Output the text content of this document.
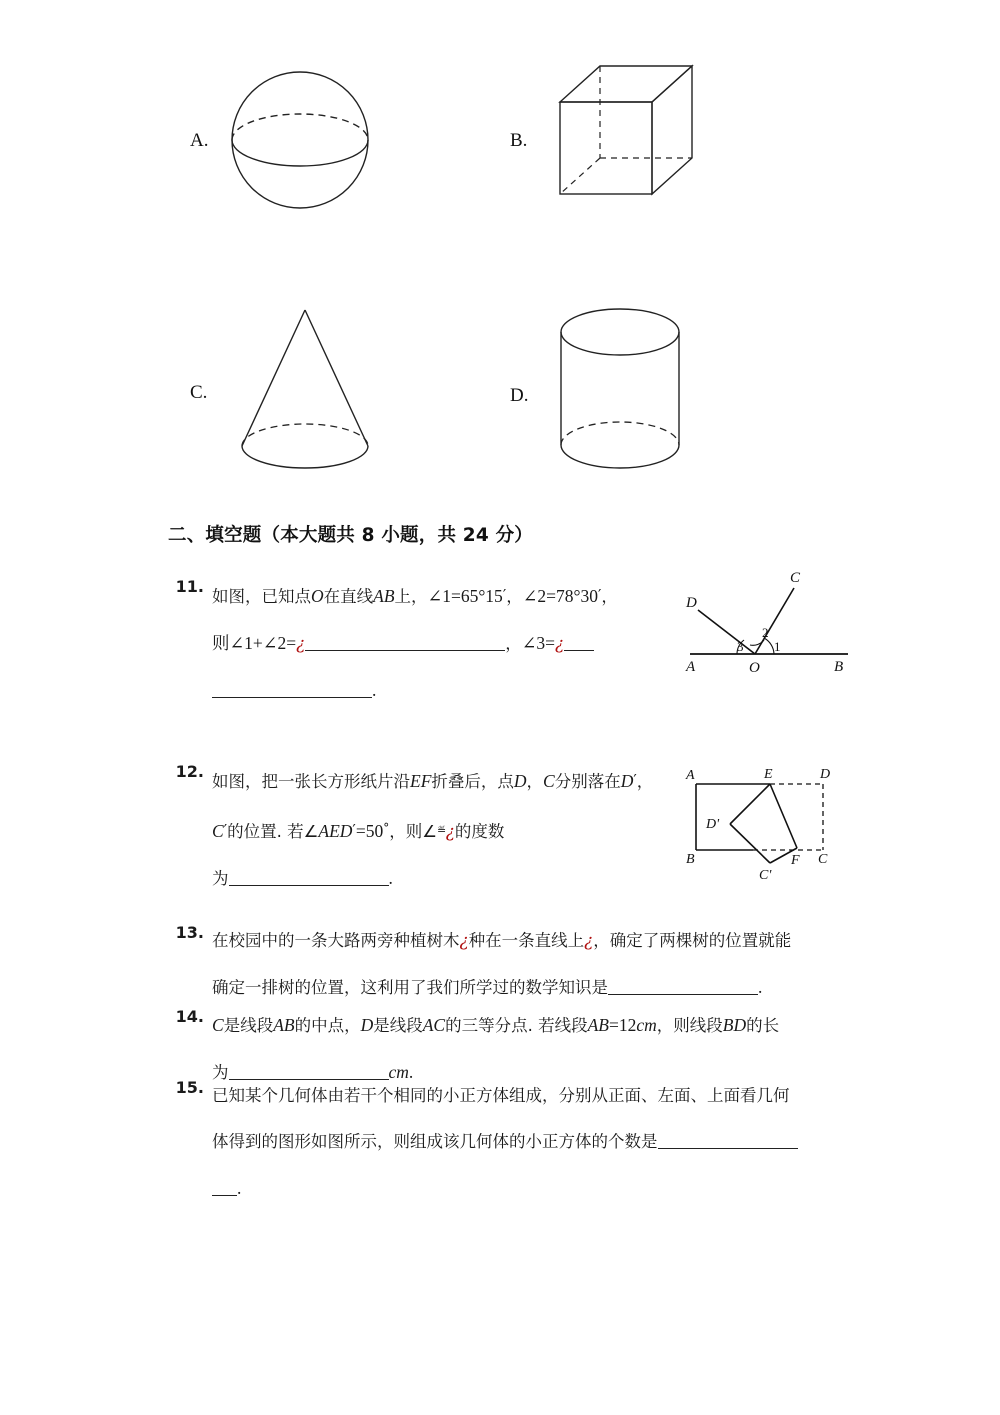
A.	B.
C.	D.
二、填空题（本大题共 8 小题，共 24 分）
11.
如图，已知点O在直线AB上，∠1=65°15′，∠2=78°30′，
则∠1+∠2=¿	，∠3=¿
.
C
D
2
1
3
A	O	B
12.
如图，把一张长方形纸片沿EF折叠后，点D，C分别落在D′，
C′的位置. 若∠AED′=50°，则∠≝¿的度数
为	.
A	E	D
D'
B	F C
C'
13. 在校园中的一条大路两旁种植树木¿种在一条直线上¿，确定了两棵树的位置就能
确定一排树的位置，这利用了我们所学过的数学知识是	.
14. C是线段AB的中点，D是线段AC的三等分点. 若线段AB=12cm，则线段BD的长
为	cm.
15. 已知某个几何体由若干个相同的小正方体组成，分别从正面、左面、上面看几何
体得到的图形如图所示，则组成该几何体的小正方体的个数是
.
